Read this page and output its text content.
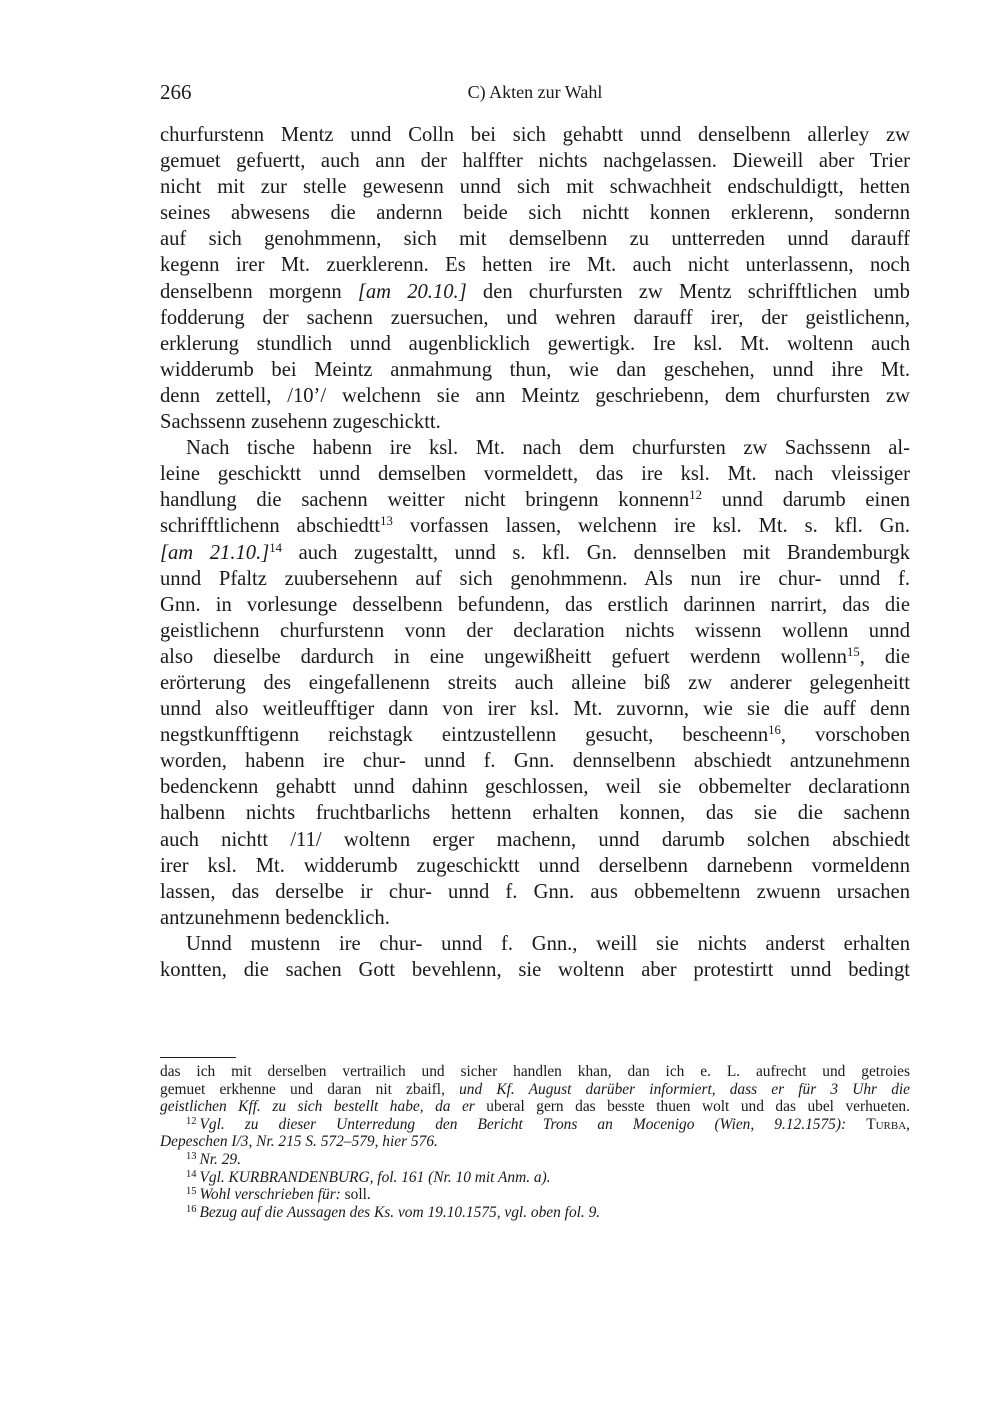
266	C) Akten zur Wahl

churfurstenn Mentz unnd Colln bei sich gehabtt unnd denselbenn allerley zw
gemuet gefuertt, auch ann der halffter nichts nachgelassen. Dieweill aber Trier
nicht mit zur stelle gewesenn unnd sich mit schwachheit endschuldigtt, hetten
seines abwesens die andernn beide sich nichtt konnen erklerenn, sondernn
auf sich genohmmenn, sich mit demselbenn zu untterreden unnd darauff
kegenn irer Mt. zuerklerenn. Es hetten ire Mt. auch nicht unterlassenn, noch
denselbenn morgenn [am 20.10.] den churfursten zw Mentz schrifftlichen umb
fodderung der sachenn zuersuchen, und wehren darauff irer, der geistlichenn,
erklerung stundlich unnd augenblicklich gewertigk. Ire ksl. Mt. woltenn auch
widderumb bei Meintz anmahmung thun, wie dan geschehen, unnd ihre Mt.
denn zettell, /10’/ welchenn sie ann Meintz geschriebenn, dem churfursten zw
Sachssenn zusehenn zugeschicktt.

Nach tische habenn ire ksl. Mt. nach dem churfursten zw Sachssenn al-
leine geschicktt unnd demselben vormeldett, das ire ksl. Mt. nach vleissiger
handlung die sachenn weitter nicht bringenn konnenn$^{12}$ unnd darumb einen
schrifftlichenn abschiedtt$^{13}$ vorfassen lassen, welchenn ire ksl. Mt. s. kfl. Gn.
[am 21.10.]$^{14}$ auch zugestaltt, unnd s. kfl. Gn. dennselben mit Brandemburgk
unnd Pfaltz zuubersehenn auf sich genohmmenn. Als nun ire chur- unnd f.
Gnn. in vorlesunge desselbenn befundenn, das erstlich darinnen narrirt, das die
geistlichenn churfurstenn vonn der declaration nichts wissenn wollenn unnd
also dieselbe dardurch in eine ungewißheitt gefuert werdenn wollenn$^{15}$, die
erörterung des eingefallenenn streits auch alleine biß zw anderer gelegenheitt
unnd also weitleufftiger dann von irer ksl. Mt. zuvornn, wie sie die auff denn
negstkunfftigenn reichstagk eintzustellenn gesucht, bescheenn$^{16}$, vorschoben
worden, habenn ire chur- unnd f. Gnn. dennselbenn abschiedt antzunehmenn
bedenckenn gehabtt unnd dahinn geschlossen, weil sie obbemelter declarationn
halbenn nichts fruchtbarlichs hettenn erhalten konnen, das sie die sachenn
auch nichtt /11/ woltenn erger machenn, unnd darumb solchen abschiedt
irer ksl. Mt. widderumb zugeschicktt unnd derselbenn darnebenn vormeldenn
lassen, das derselbe ir chur- unnd f. Gnn. aus obbemeltenn zwuenn ursachen
antzunehmenn bedencklich.

Unnd mustenn ire chur- unnd f. Gnn., weill sie nichts anderst erhalten
kontten, die sachen Gott bevehlenn, sie woltenn aber protestirtt unnd bedingt

das ich mit derselben vertrailich und sicher handlen khan, dan ich e. L. aufrecht und getroies
gemuet erkhenne und daran nit zbaifl, und Kf. August darüber informiert, dass er für 3 Uhr die
geistlichen Kff. zu sich bestellt habe, da er uberal gern das besste thuen wolt und das ubel verhueten.
$^{12}$ Vgl. zu dieser Unterredung den Bericht Trons an Mocenigo (Wien, 9.12.1575): Turba,
Depeschen I/3, Nr. 215 S. 572–579, hier 576.
$^{13}$ Nr. 29.
$^{14}$ Vgl. KURBRANDENBURG, fol. 161 (Nr. 10 mit Anm. a).
$^{15}$ Wohl verschrieben für: soll.
$^{16}$ Bezug auf die Aussagen des Ks. vom 19.10.1575, vgl. oben fol. 9.
